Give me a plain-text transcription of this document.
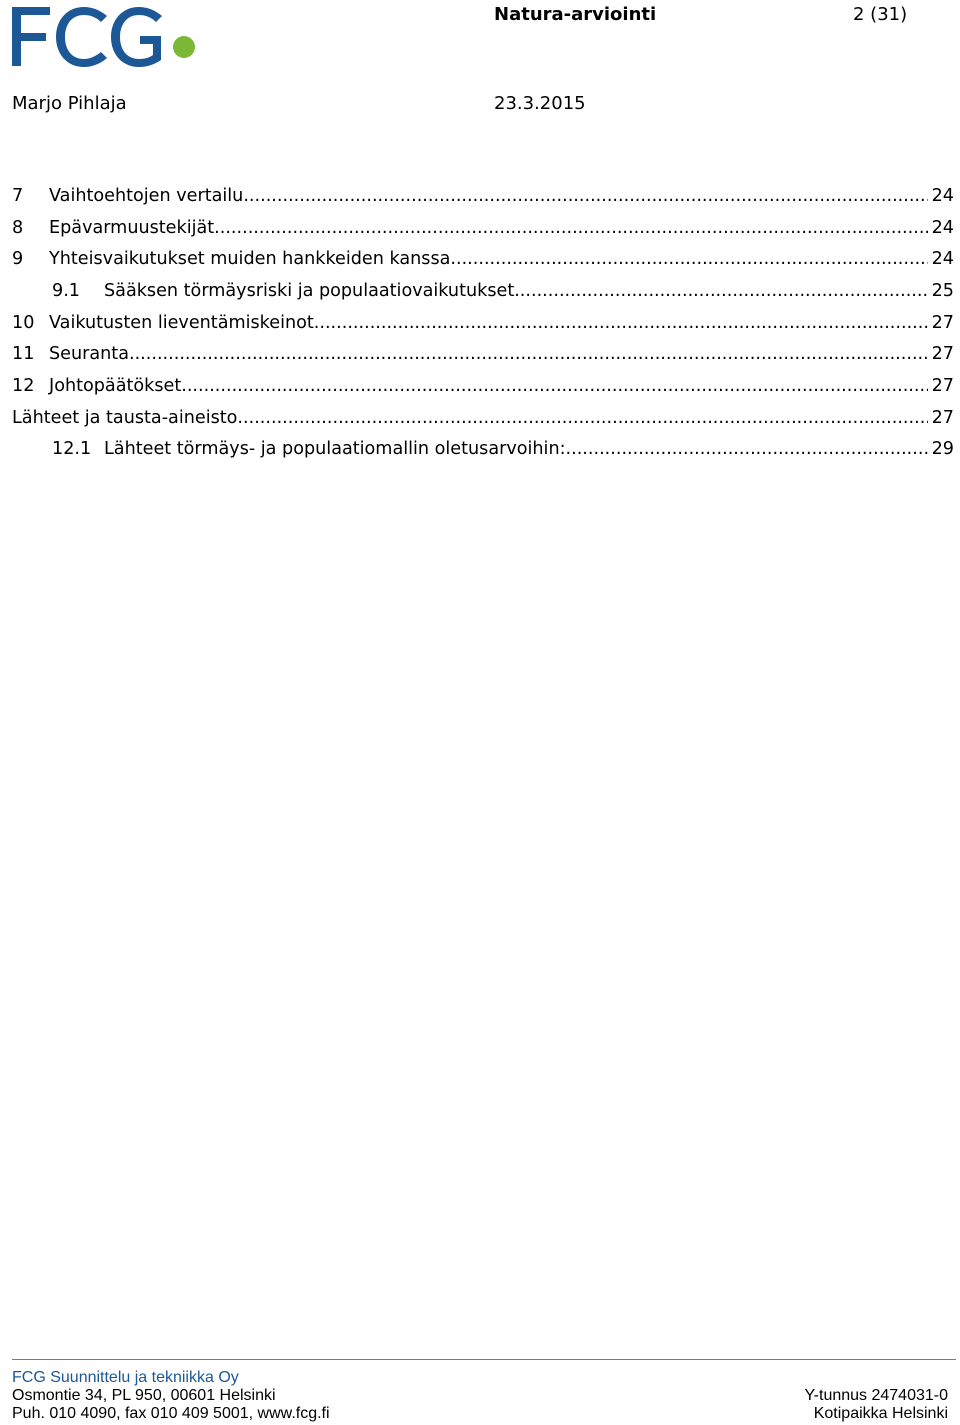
Natura-arviointi	2 (31)
Marjo Pihlaja	23.3.2015
7	Vaihtoehtojen vertailu .....	24
8	Epävarmuustekijät .....	24
9	Yhteisvaikutukset muiden hankkeiden kanssa .....	24
9.1	Sääksen törmäysriski ja populaatiovaikutukset .....	25
10 Vaikutusten lieventämiskeinot .....	27
11 Seuranta .....	27
12 Johtopäätökset .....	27
Lähteet ja tausta-aineisto .....	27
12.1 Lähteet törmäys- ja populaatiomallin oletusarvoihin: .....	29
FCG Suunnittelu ja tekniikka Oy
Osmontie 34, PL 950, 00601 Helsinki	Y-tunnus 2474031-0
Puh. 010 4090, fax 010 409 5001, www.fcg.fi	Kotipaikka Helsinki
